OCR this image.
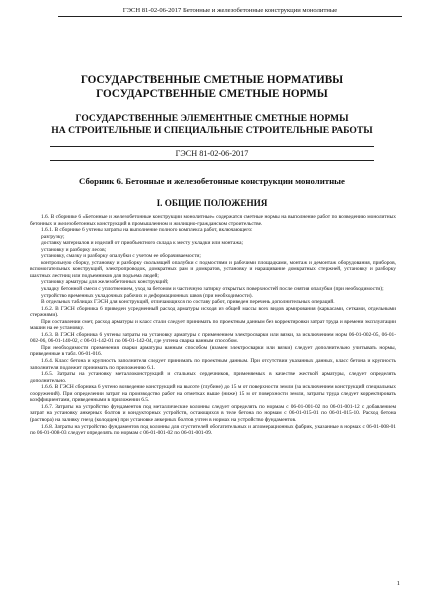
ГЭСН 81-02-06-2017 Бетонные и железобетонные конструкции монолитные
ГОСУДАРСТВЕННЫЕ СМЕТНЫЕ НОРМАТИВЫ
ГОСУДАРСТВЕННЫЕ СМЕТНЫЕ НОРМЫ
ГОСУДАРСТВЕННЫЕ ЭЛЕМЕНТНЫЕ СМЕТНЫЕ НОРМЫ
НА СТРОИТЕЛЬНЫЕ И СПЕЦИАЛЬНЫЕ СТРОИТЕЛЬНЫЕ РАБОТЫ
ГЭСН 81-02-06-2017
Сборник 6. Бетонные и железобетонные конструкции монолитные
I. ОБЩИЕ ПОЛОЖЕНИЯ

1.6. В сборнике 6 «Бетонные и железобетонные конструкции монолитные» содержатся сметные нормы на выполнение работ по возведению монолитных бетонных и железобетонных конструкций в промышленном и жилищно-гражданском строительстве.

1.6.1. В сборнике 6 учтены затраты на выполнение полного комплекса работ, включающего:

разгрузку;

доставку материалов и изделий от приобъектного склада к месту укладки или монтажа;

установку и разборку лесов;

установку, смазку и разборку опалубки с учетом ее оборачиваемости;

контрольную сборку, установку и разборку скользящей опалубки с подмостями и рабочими площадками, монтаж и демонтаж оборудования, приборов, вспомогательных конструкций, электропроводок, домкратных рам и домкратов, установку и наращивание домкратных стержней, установку и разборку шахтных лестниц или подъемников для подъема людей;

установку арматуры для железобетонных конструкций;

укладку бетонной смеси с уплотнением, уход за бетоном и частичную затирку открытых поверхностей после снятия опалубки (при необходимости);

устройство временных укладочных рабочих и деформационных швов (при необходимости).

В отдельных таблицах ГЭСН для конструкций, отличающихся по составу работ, приведен перечень дополнительных операций.

1.6.2. В ГЭСН сборника 6 приведен усредненный расход арматуры исходя из общей массы всех видов армирования (каркасами, сетками, отдельными стержнями).

При составлении смет, расход арматуры и класс стали следует принимать по проектным данным без корректировки затрат труда и времени эксплуатации машин на ее установку.

1.6.3. В ГЭСН сборника 6 учтены затраты на установку арматуры с применением электросварки или вязки, за исключением норм 06-01-002-05, 06-01-002-06, 06-01-140-02, с 06-01-142-01 по 06-01-142-04, где учтена сварка ванным способом.

При необходимости применения сварки арматуры ванным способом (взамен электросварки или вязки) следует дополнительно учитывать нормы, приведенные в табл. 06-01-016.

1.6.4. Класс бетона и крупность заполнителя следует принимать по проектным данным. При отсутствии указанных данных, класс бетона и крупность заполнителя подлежит принимать по приложению 6.1.

1.6.5. Затраты на установку металлоконструкций и стальных сердечников, применяемых в качестве жесткой арматуры, следует определять дополнительно.

1.6.6. В ГЭСН сборника 6 учтено возведение конструкций на высоте (глубине) до 15 м от поверхности земли (за исключением конструкций специальных сооружений). При определении затрат на производство работ на отметках выше (ниже) 15 м от поверхности земли, затраты труда следует корректировать коэффициентами, приведенными в приложении 6.5.

1.6.7. Затраты на устройство фундаментов под металлические колонны следует определять по нормам с 06-01-001-02 по 06-01-001-12 с добавлением затрат на установку анкерных болтов и кондукторных устройств, остающихся в теле бетона по нормам с 06-01-015-01 по 06-01-015-10. Расход бетона (раствора) на заливку гнезд (колодцев) при установке анкерных болтов учтен в нормах на устройство фундаментов.

1.6.8. Затраты на устройство фундаментов под колонны для сгустителей обогатительных и агломерационных фабрик, указанные в нормах с 06-01-008-01 по 06-01-008-03 следует определять по нормам с 06-01-001-02 по 06-01-001-09.

1
